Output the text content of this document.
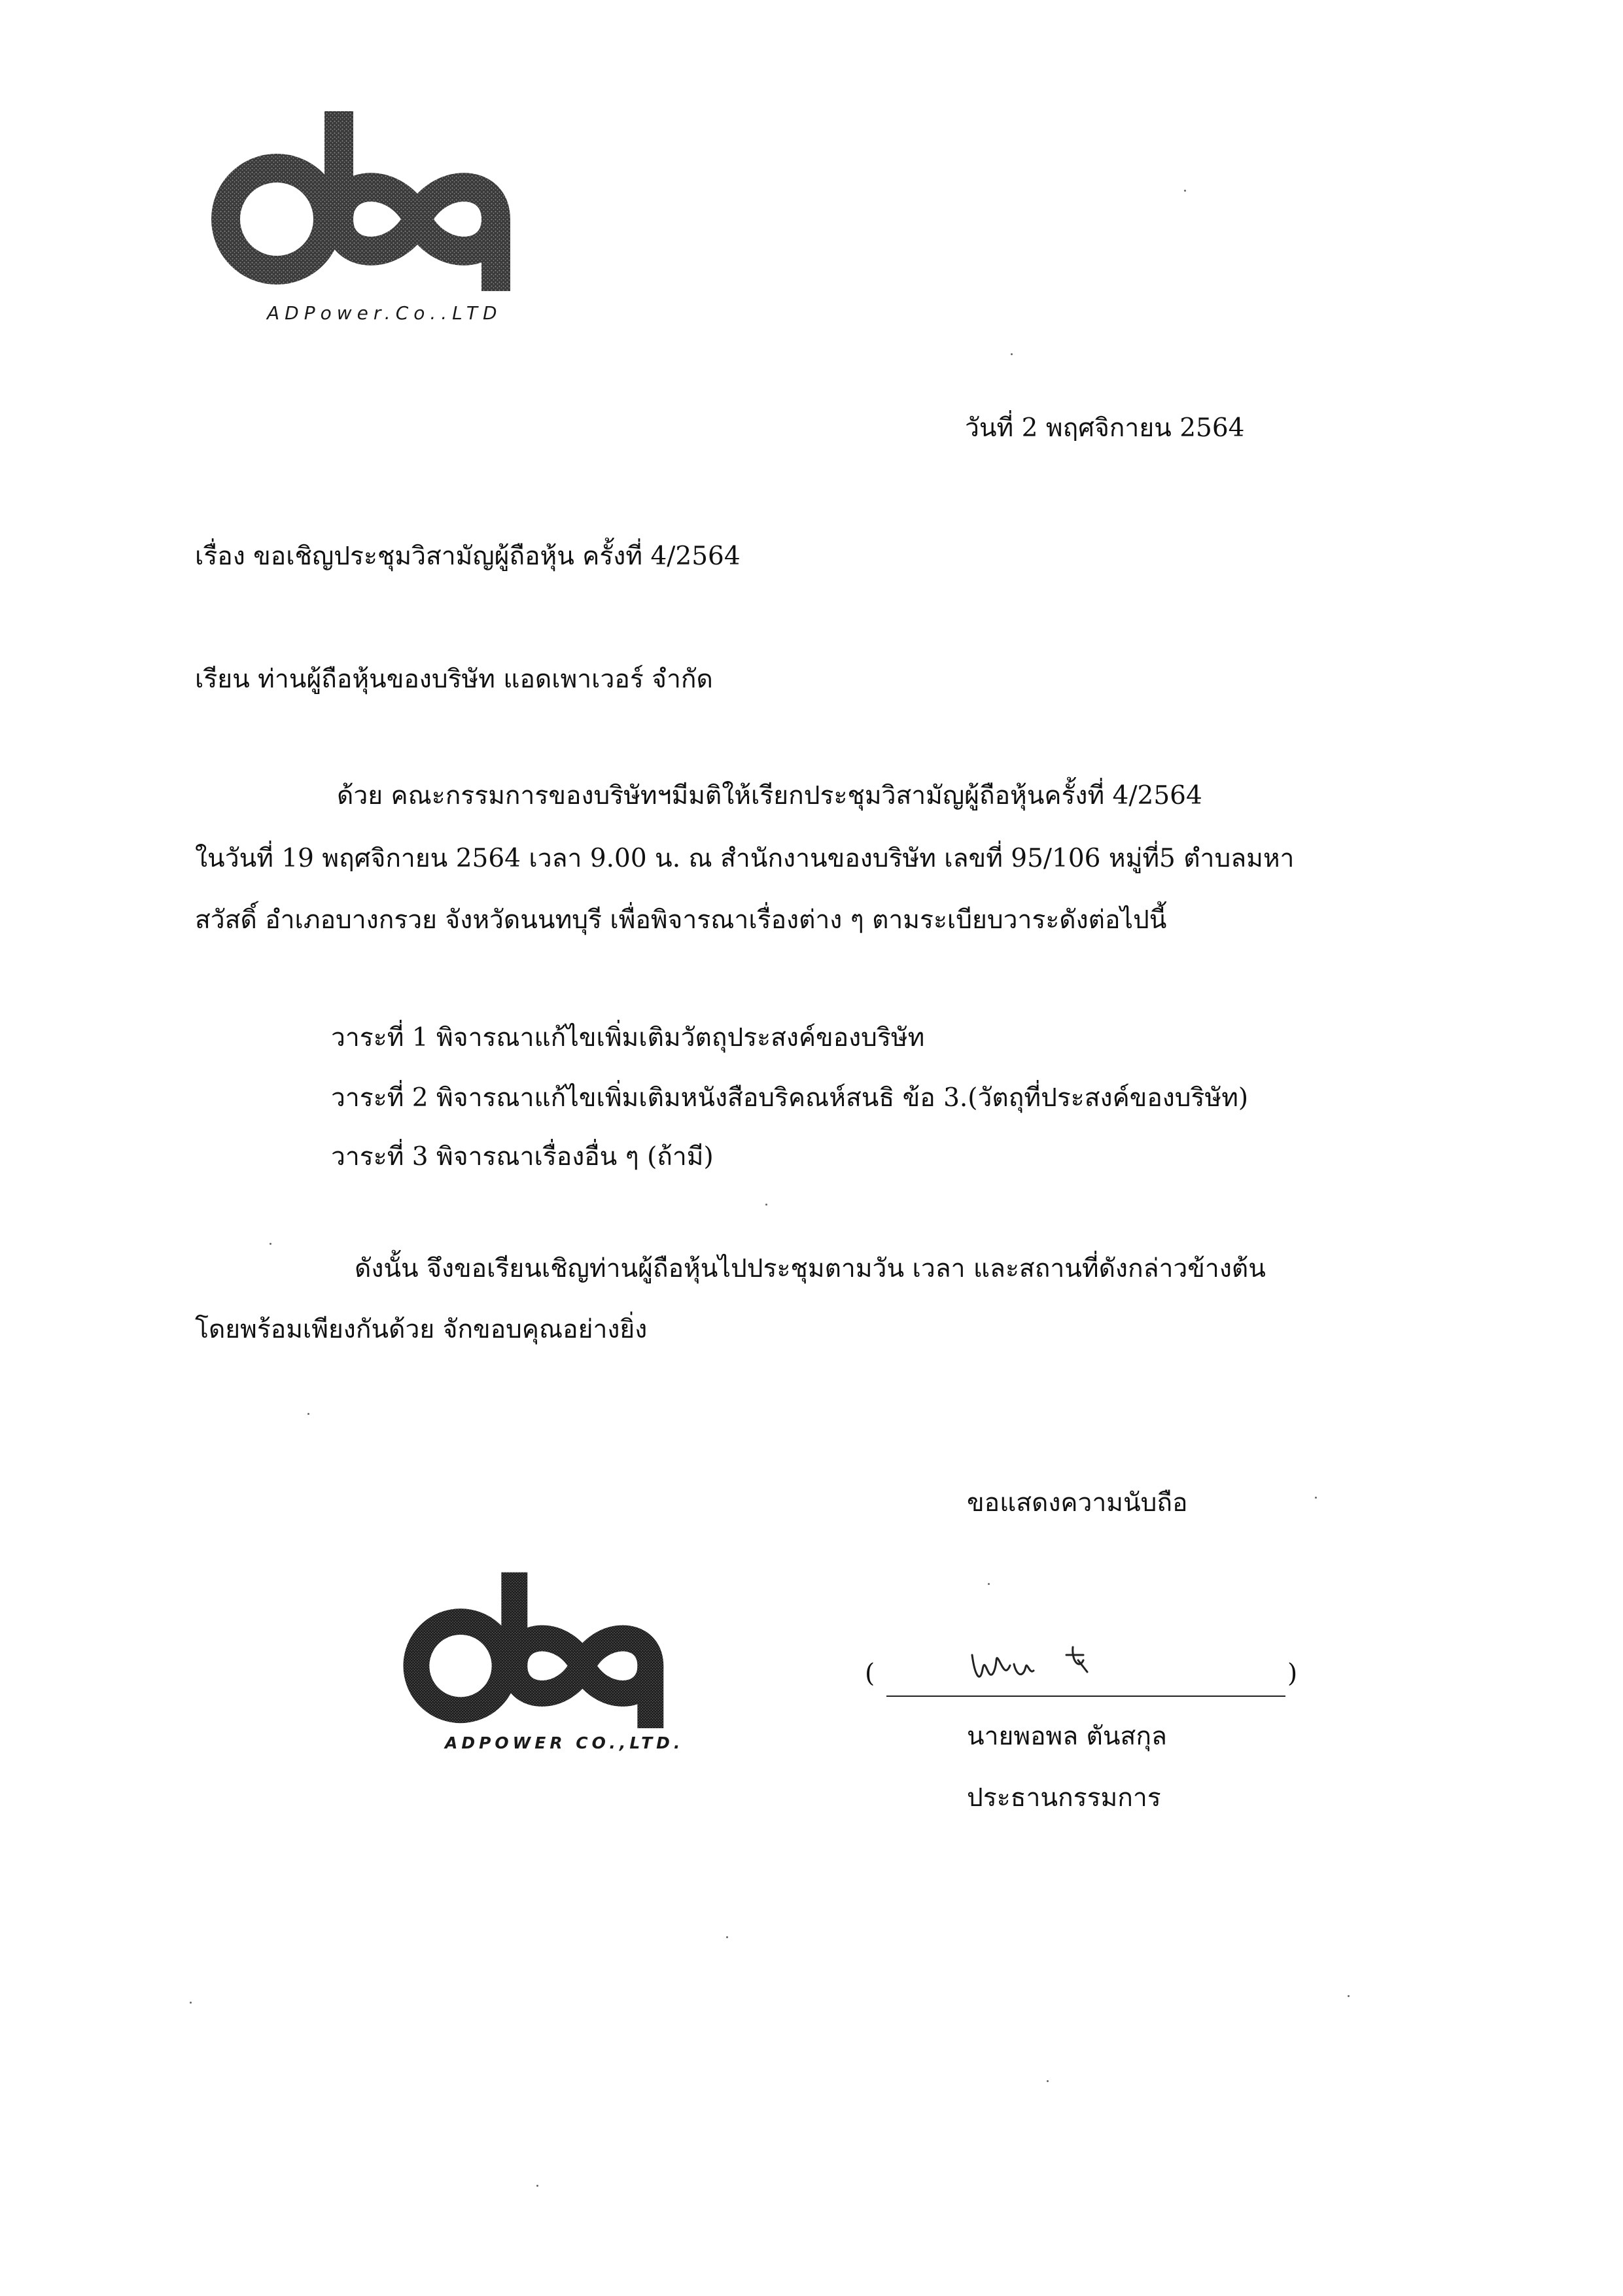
ADPower.Co..LTD
วันที่ 2 พฤศจิกายน 2564
เรื่อง ขอเชิญประชุมวิสามัญผู้ถือหุ้น ครั้งที่ 4/2564
เรียน ท่านผู้ถือหุ้นของบริษัท แอดเพาเวอร์ จำกัด
ด้วย คณะกรรมการของบริษัทฯมีมติให้เรียกประชุมวิสามัญผู้ถือหุ้นครั้งที่ 4/2564
ในวันที่ 19 พฤศจิกายน 2564 เวลา 9.00 น. ณ สำนักงานของบริษัท เลขที่ 95/106 หมู่ที่5 ตำบลมหา
สวัสดิ์ อำเภอบางกรวย จังหวัดนนทบุรี เพื่อพิจารณาเรื่องต่าง ๆ ตามระเบียบวาระดังต่อไปนี้
วาระที่ 1 พิจารณาแก้ไขเพิ่มเติมวัตถุประสงค์ของบริษัท
วาระที่ 2 พิจารณาแก้ไขเพิ่มเติมหนังสือบริคณห์สนธิ ข้อ 3.(วัตถุที่ประสงค์ของบริษัท)
วาระที่ 3 พิจารณาเรื่องอื่น ๆ (ถ้ามี)
ดังนั้น จึงขอเรียนเชิญท่านผู้ถือหุ้นไปประชุมตามวัน เวลา และสถานที่ดังกล่าวข้างต้น
โดยพร้อมเพียงกันด้วย จักขอบคุณอย่างยิ่ง
ขอแสดงความนับถือ
ADPOWER CO.,LTD.
(	)
นายพอพล ตันสกุล
ประธานกรรมการ
